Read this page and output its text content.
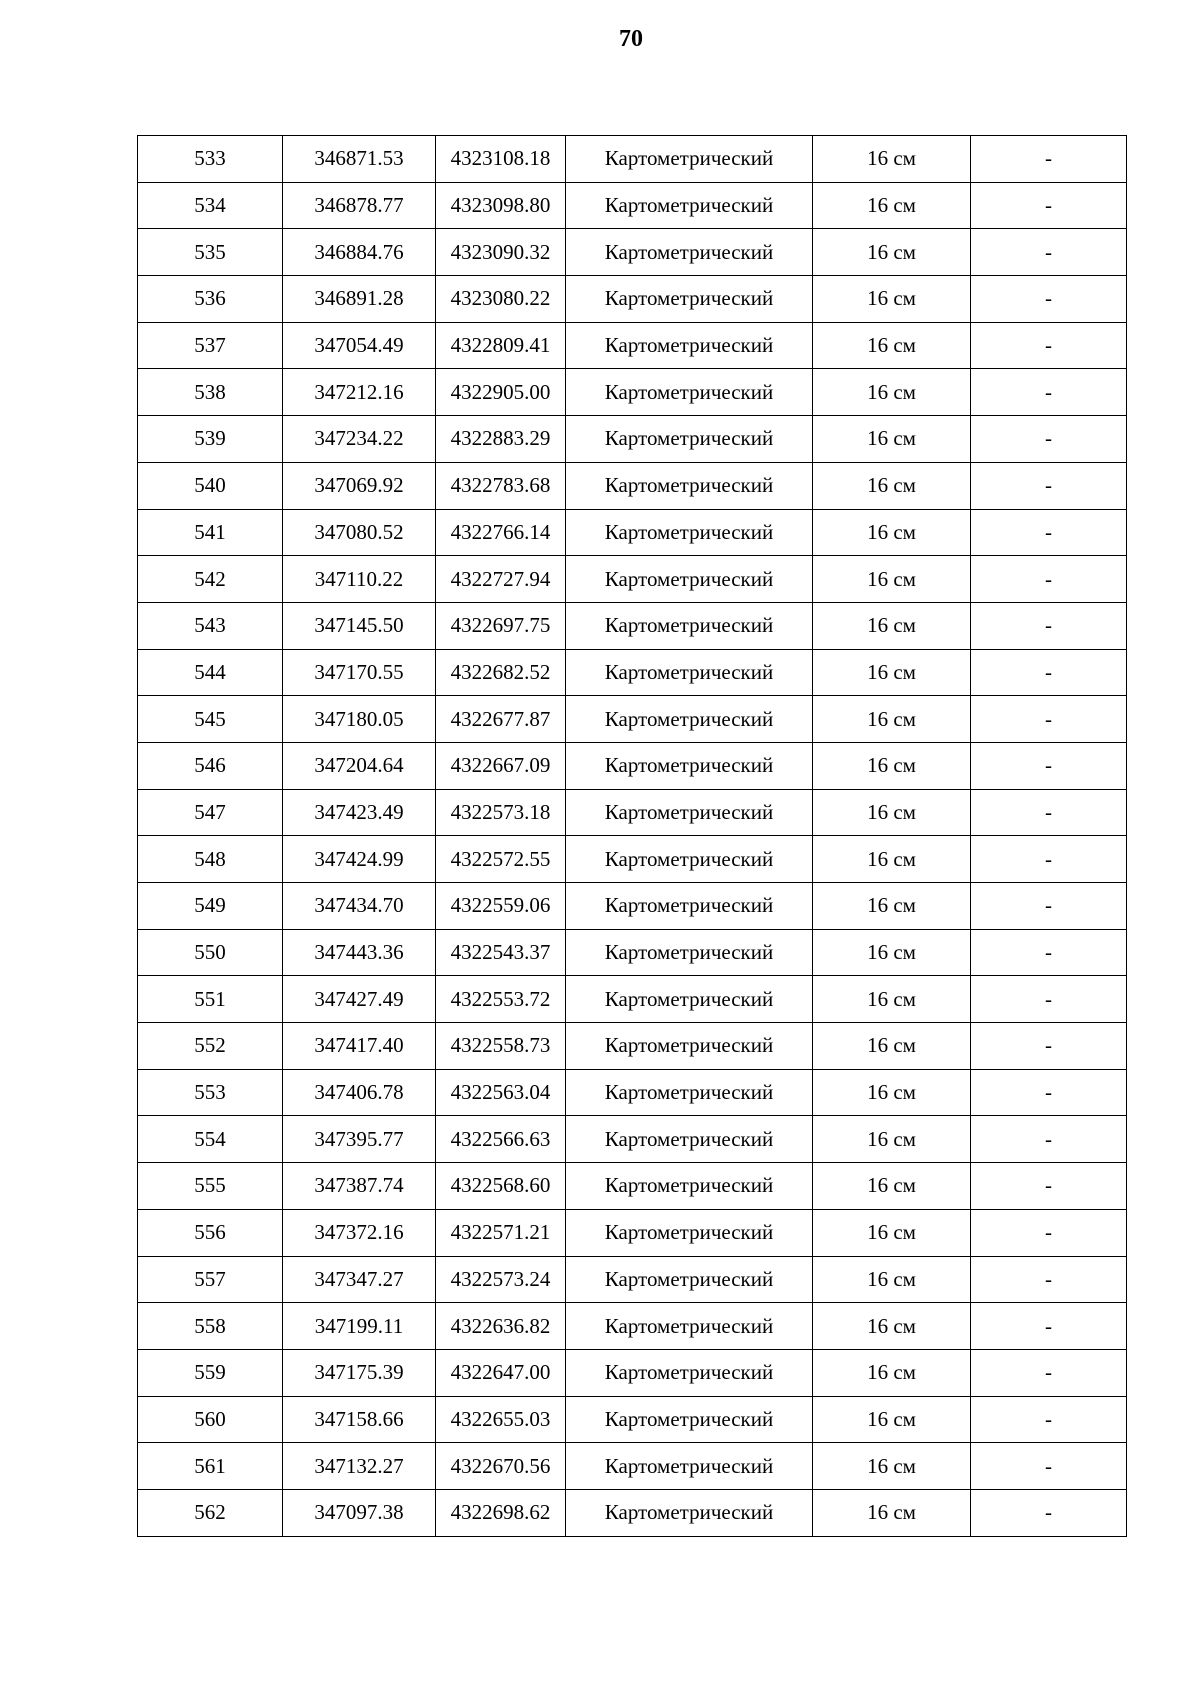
70
533	346871.53	4323108.18	Картометрический	16 см	-
534	346878.77	4323098.80	Картометрический	16 см	-
535	346884.76	4323090.32	Картометрический	16 см	-
536	346891.28	4323080.22	Картометрический	16 см	-
537	347054.49	4322809.41	Картометрический	16 см	-
538	347212.16	4322905.00	Картометрический	16 см	-
539	347234.22	4322883.29	Картометрический	16 см	-
540	347069.92	4322783.68	Картометрический	16 см	-
541	347080.52	4322766.14	Картометрический	16 см	-
542	347110.22	4322727.94	Картометрический	16 см	-
543	347145.50	4322697.75	Картометрический	16 см	-
544	347170.55	4322682.52	Картометрический	16 см	-
545	347180.05	4322677.87	Картометрический	16 см	-
546	347204.64	4322667.09	Картометрический	16 см	-
547	347423.49	4322573.18	Картометрический	16 см	-
548	347424.99	4322572.55	Картометрический	16 см	-
549	347434.70	4322559.06	Картометрический	16 см	-
550	347443.36	4322543.37	Картометрический	16 см	-
551	347427.49	4322553.72	Картометрический	16 см	-
552	347417.40	4322558.73	Картометрический	16 см	-
553	347406.78	4322563.04	Картометрический	16 см	-
554	347395.77	4322566.63	Картометрический	16 см	-
555	347387.74	4322568.60	Картометрический	16 см	-
556	347372.16	4322571.21	Картометрический	16 см	-
557	347347.27	4322573.24	Картометрический	16 см	-
558	347199.11	4322636.82	Картометрический	16 см	-
559	347175.39	4322647.00	Картометрический	16 см	-
560	347158.66	4322655.03	Картометрический	16 см	-
561	347132.27	4322670.56	Картометрический	16 см	-
562	347097.38	4322698.62	Картометрический	16 см	-
